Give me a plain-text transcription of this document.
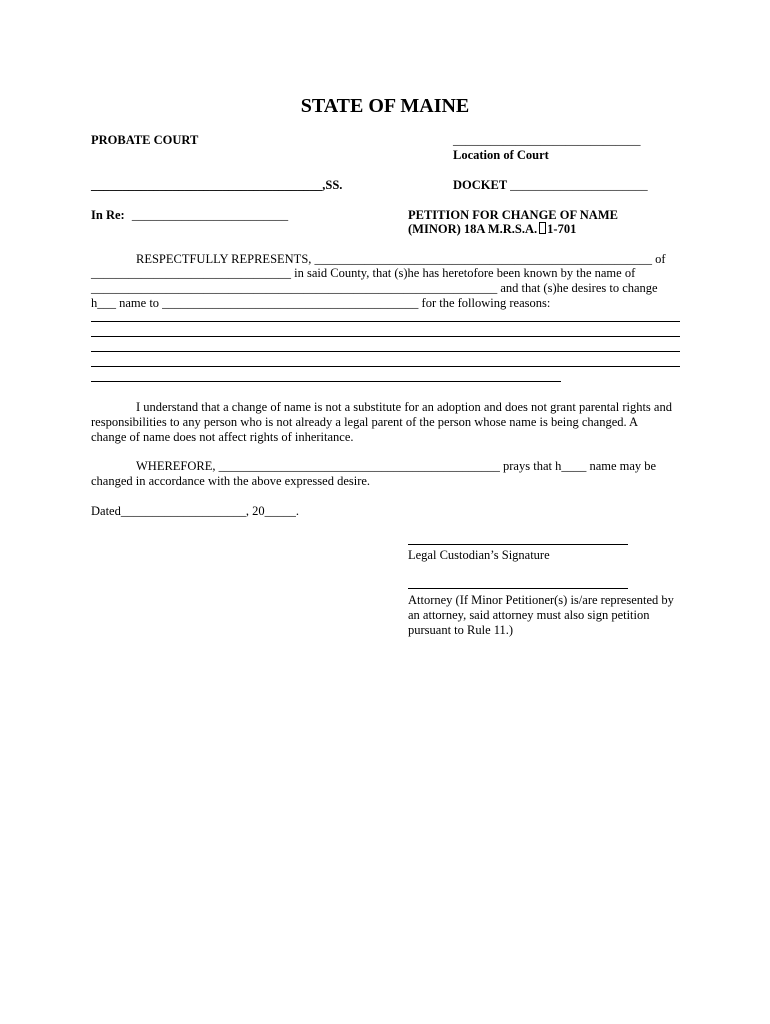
STATE OF MAINE
PROBATE COURT	______________________________
Location of Court
_____________________________________,SS.	DOCKET ______________________
In Re: _________________________	PETITION FOR CHANGE OF NAME
(MINOR) 18A M.R.S.A. 1-701
RESPECTFULLY REPRESENTS, ______________________________________________________ of
________________________________ in said County, that (s)he has heretofore been known by the name of
_________________________________________________________________ and that (s)he desires to change
h___ name to _________________________________________ for the following reasons:
I understand that a change of name is not a substitute for an adoption and does not grant parental rights and
responsibilities to any person who is not already a legal parent of the person whose name is being changed. A
change of name does not affect rights of inheritance.
WHEREFORE, _____________________________________________ prays that h____ name may be
changed in accordance with the above expressed desire.
Dated____________________, 20_____.
Legal Custodian’s Signature
Attorney (If Minor Petitioner(s) is/are represented by
an attorney, said attorney must also sign petition
pursuant to Rule 11.)
